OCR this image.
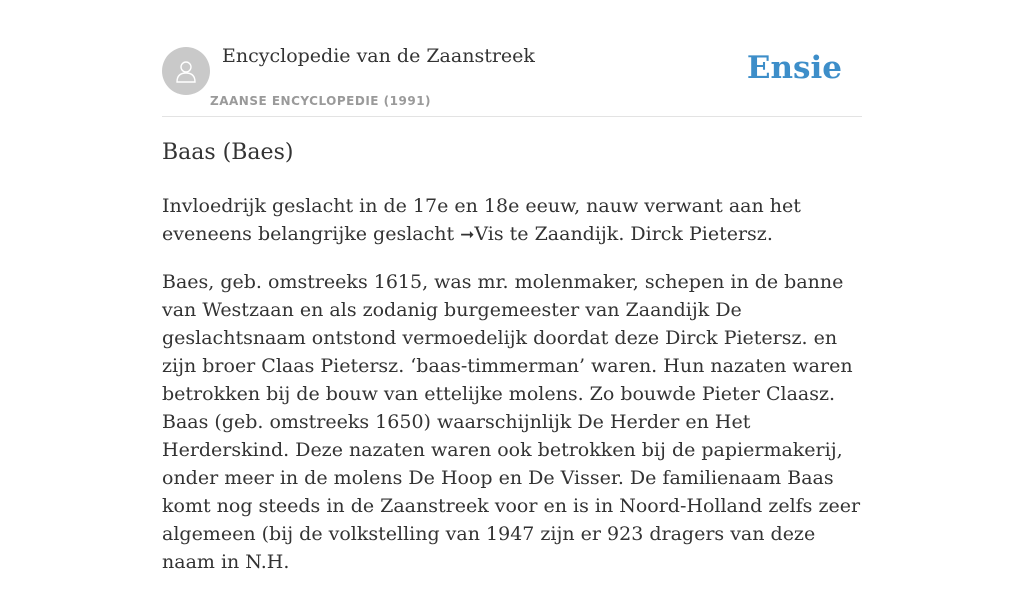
Encyclopedie van de Zaanstreek
ZAANSE ENCYCLOPEDIE (1991)
Ensie
Baas (Baes)

Invloedrijk geslacht in de 17e en 18e eeuw, nauw verwant aan het eveneens belangrijke geslacht ➞Vis te Zaandijk. Dirck Pietersz.

Baes, geb. omstreeks 1615, was mr. molenmaker, schepen in de banne van Westzaan en als zodanig burgemeester van Zaandijk De geslachtsnaam ontstond vermoedelijk doordat deze Dirck Pietersz. en zijn broer Claas Pietersz. ‘baas-timmerman’ waren. Hun nazaten waren betrokken bij de bouw van ettelijke molens. Zo bouwde Pieter Claasz. Baas (geb. omstreeks 1650) waarschijnlijk De Herder en Het Herderskind. Deze nazaten waren ook betrokken bij de papiermakerij, onder meer in de molens De Hoop en De Visser. De familienaam Baas komt nog steeds in de Zaanstreek voor en is in Noord-Holland zelfs zeer algemeen (bij de volkstelling van 1947 zijn er 923 dragers van deze naam in N.H.
